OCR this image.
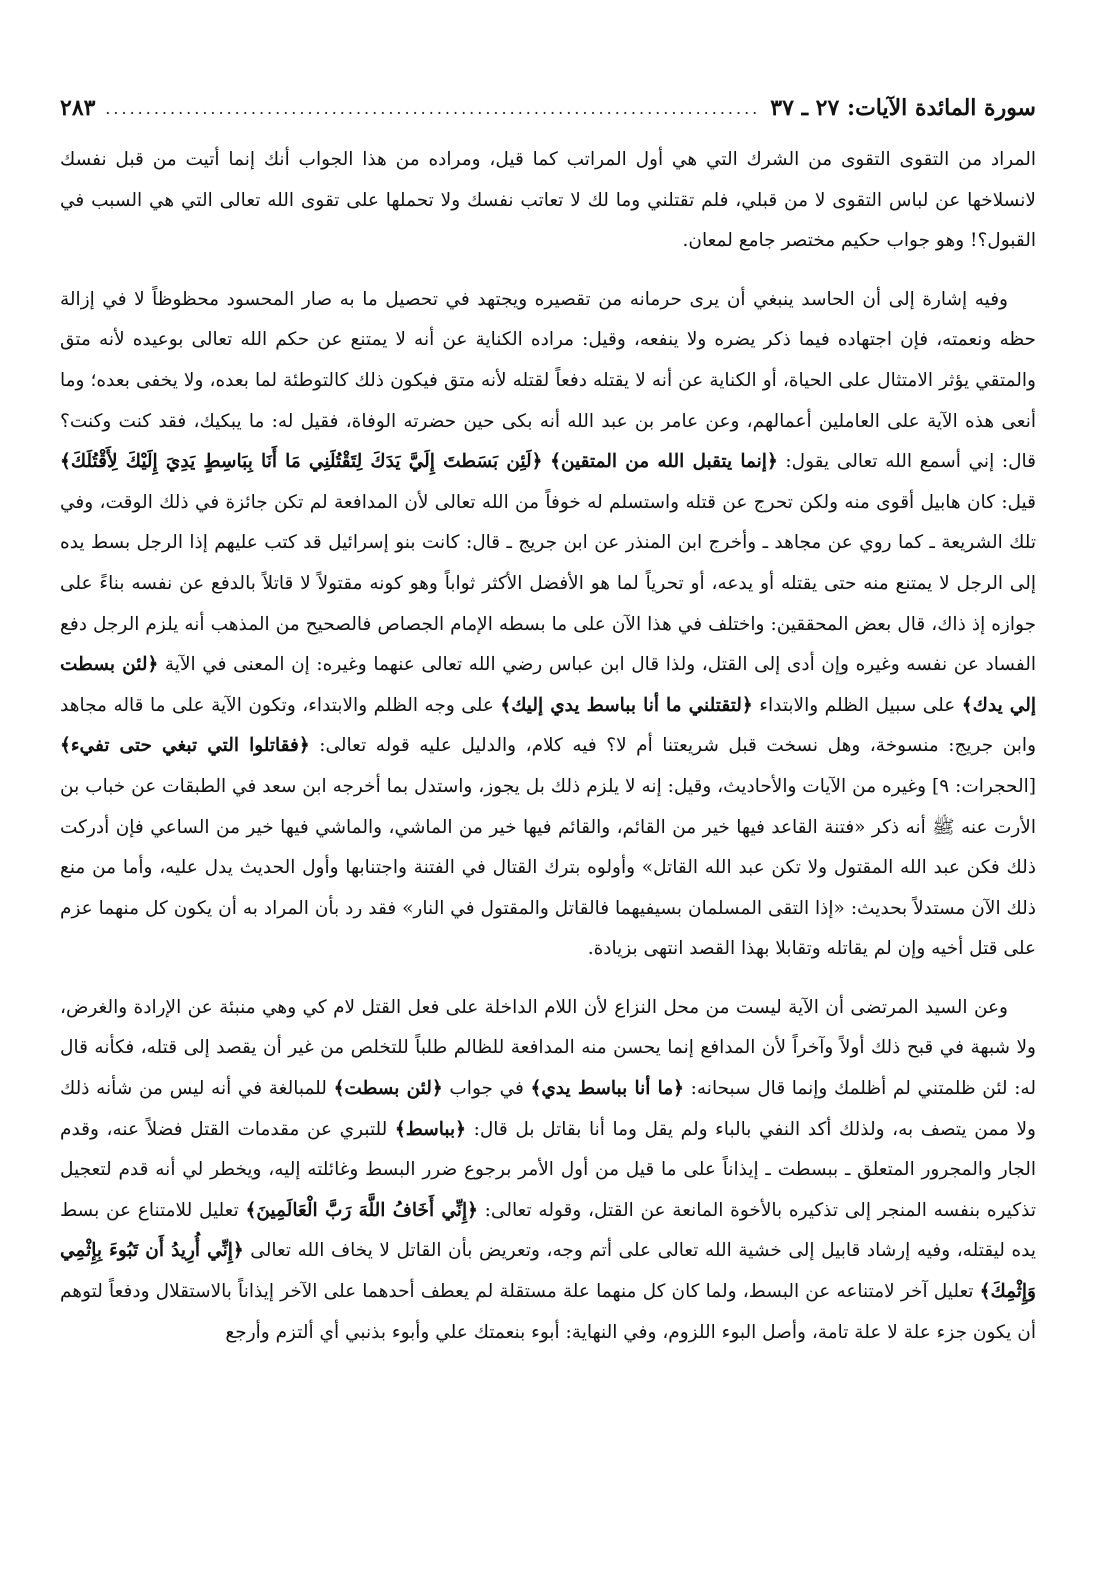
سورة المائدة الآيات: ٢٧ ـ ٣٧
.....
٢٨٣

المراد من التقوى التقوى من الشرك التي هي أول المراتب كما قيل، ومراده من هذا الجواب أنك إنما أتيت من قبل نفسك لانسلاخها عن لباس التقوى لا من قبلي، فلم تقتلني وما لك لا تعاتب نفسك ولا تحملها على تقوى الله تعالى التي هي السبب في القبول؟! وهو جواب حكيم مختصر جامع لمعان.

وفيه إشارة إلى أن الحاسد ينبغي أن يرى حرمانه من تقصيره ويجتهد في تحصيل ما به صار المحسود محظوظاً لا في إزالة حظه ونعمته، فإن اجتهاده فيما ذكر يضره ولا ينفعه، وقيل: مراده الكناية عن أنه لا يمتنع عن حكم الله تعالى بوعيده لأنه متق والمتقي يؤثر الامتثال على الحياة، أو الكناية عن أنه لا يقتله دفعاً لقتله لأنه متق فيكون ذلك كالتوطئة لما بعده، ولا يخفى بعده؛ وما أنعى هذه الآية على العاملين أعمالهم، وعن عامر بن عبد الله أنه بكى حين حضرته الوفاة، فقيل له: ما يبكيك، فقد كنت وكنت؟ قال: إني أسمع الله تعالى يقول: ﴿إنما يتقبل الله من المتقين﴾ ﴿لَئِن بَسَطتَ إِلَيَّ يَدَكَ لِتَقْتُلَنِي مَا أَنَا بِبَاسِطٍ يَدِيَ إِلَيْكَ لِأَقْتُلَكَ﴾ قيل: كان هابيل أقوى منه ولكن تحرج عن قتله واستسلم له خوفاً من الله تعالى لأن المدافعة لم تكن جائزة في ذلك الوقت، وفي تلك الشريعة ـ كما روي عن مجاهد ـ وأخرج ابن المنذر عن ابن جريج ـ قال: كانت بنو إسرائيل قد كتب عليهم إذا الرجل بسط يده إلى الرجل لا يمتنع منه حتى يقتله أو يدعه، أو تحرياً لما هو الأفضل الأكثر ثواباً وهو كونه مقتولاً لا قاتلاً بالدفع عن نفسه بناءً على جوازه إذ ذاك، قال بعض المحققين: واختلف في هذا الآن على ما بسطه الإمام الجصاص فالصحيح من المذهب أنه يلزم الرجل دفع الفساد عن نفسه وغيره وإن أدى إلى القتل، ولذا قال ابن عباس رضي الله تعالى عنهما وغيره: إن المعنى في الآية ﴿لئن بسطت إلي يدك﴾ على سبيل الظلم والابتداء ﴿لتقتلني ما أنا بباسط يدي إليك﴾ على وجه الظلم والابتداء، وتكون الآية على ما قاله مجاهد وابن جريج: منسوخة، وهل نسخت قبل شريعتنا أم لا؟ فيه كلام، والدليل عليه قوله تعالى: ﴿فقاتلوا التي تبغي حتى تفيء﴾ [الحجرات: ٩] وغيره من الآيات والأحاديث، وقيل: إنه لا يلزم ذلك بل يجوز، واستدل بما أخرجه ابن سعد في الطبقات عن خباب بن الأرت عنه ﷺ أنه ذكر «فتنة القاعد فيها خير من القائم، والقائم فيها خير من الماشي، والماشي فيها خير من الساعي فإن أدركت ذلك فكن عبد الله المقتول ولا تكن عبد الله القاتل» وأولوه بترك القتال في الفتنة واجتنابها وأول الحديث يدل عليه، وأما من منع ذلك الآن مستدلاً بحديث: «إذا التقى المسلمان بسيفيهما فالقاتل والمقتول في النار» فقد رد بأن المراد به أن يكون كل منهما عزم على قتل أخيه وإن لم يقاتله وتقابلا بهذا القصد انتهى بزيادة.

وعن السيد المرتضى أن الآية ليست من محل النزاع لأن اللام الداخلة على فعل القتل لام كي وهي منبئة عن الإرادة والغرض، ولا شبهة في قبح ذلك أولاً وآخراً لأن المدافع إنما يحسن منه المدافعة للظالم طلباً للتخلص من غير أن يقصد إلى قتله، فكأنه قال له: لئن ظلمتني لم أظلمك وإنما قال سبحانه: ﴿ما أنا بباسط يدي﴾ في جواب ﴿لئن بسطت﴾ للمبالغة في أنه ليس من شأنه ذلك ولا ممن يتصف به، ولذلك أكد النفي بالباء ولم يقل وما أنا بقاتل بل قال: ﴿بباسط﴾ للتبري عن مقدمات القتل فضلاً عنه، وقدم الجار والمجرور المتعلق ـ ببسطت ـ إيذاناً على ما قيل من أول الأمر برجوع ضرر البسط وغائلته إليه، ويخطر لي أنه قدم لتعجيل تذكيره بنفسه المنجر إلى تذكيره بالأخوة المانعة عن القتل، وقوله تعالى: ﴿إِنِّي أَخَافُ اللَّهَ رَبَّ الْعَالَمِينَ﴾ تعليل للامتناع عن بسط يده ليقتله، وفيه إرشاد قابيل إلى خشية الله تعالى على أتم وجه، وتعريض بأن القاتل لا يخاف الله تعالى ﴿إِنِّي أُرِيدُ أَن تَبُوءَ بِإِثْمِي وَإِثْمِكَ﴾ تعليل آخر لامتناعه عن البسط، ولما كان كل منهما علة مستقلة لم يعطف أحدهما على الآخر إيذاناً بالاستقلال ودفعاً لتوهم أن يكون جزء علة لا علة تامة، وأصل البوء اللزوم، وفي النهاية: أبوء بنعمتك علي وأبوء بذنبي أي ألتزم وأرجع
